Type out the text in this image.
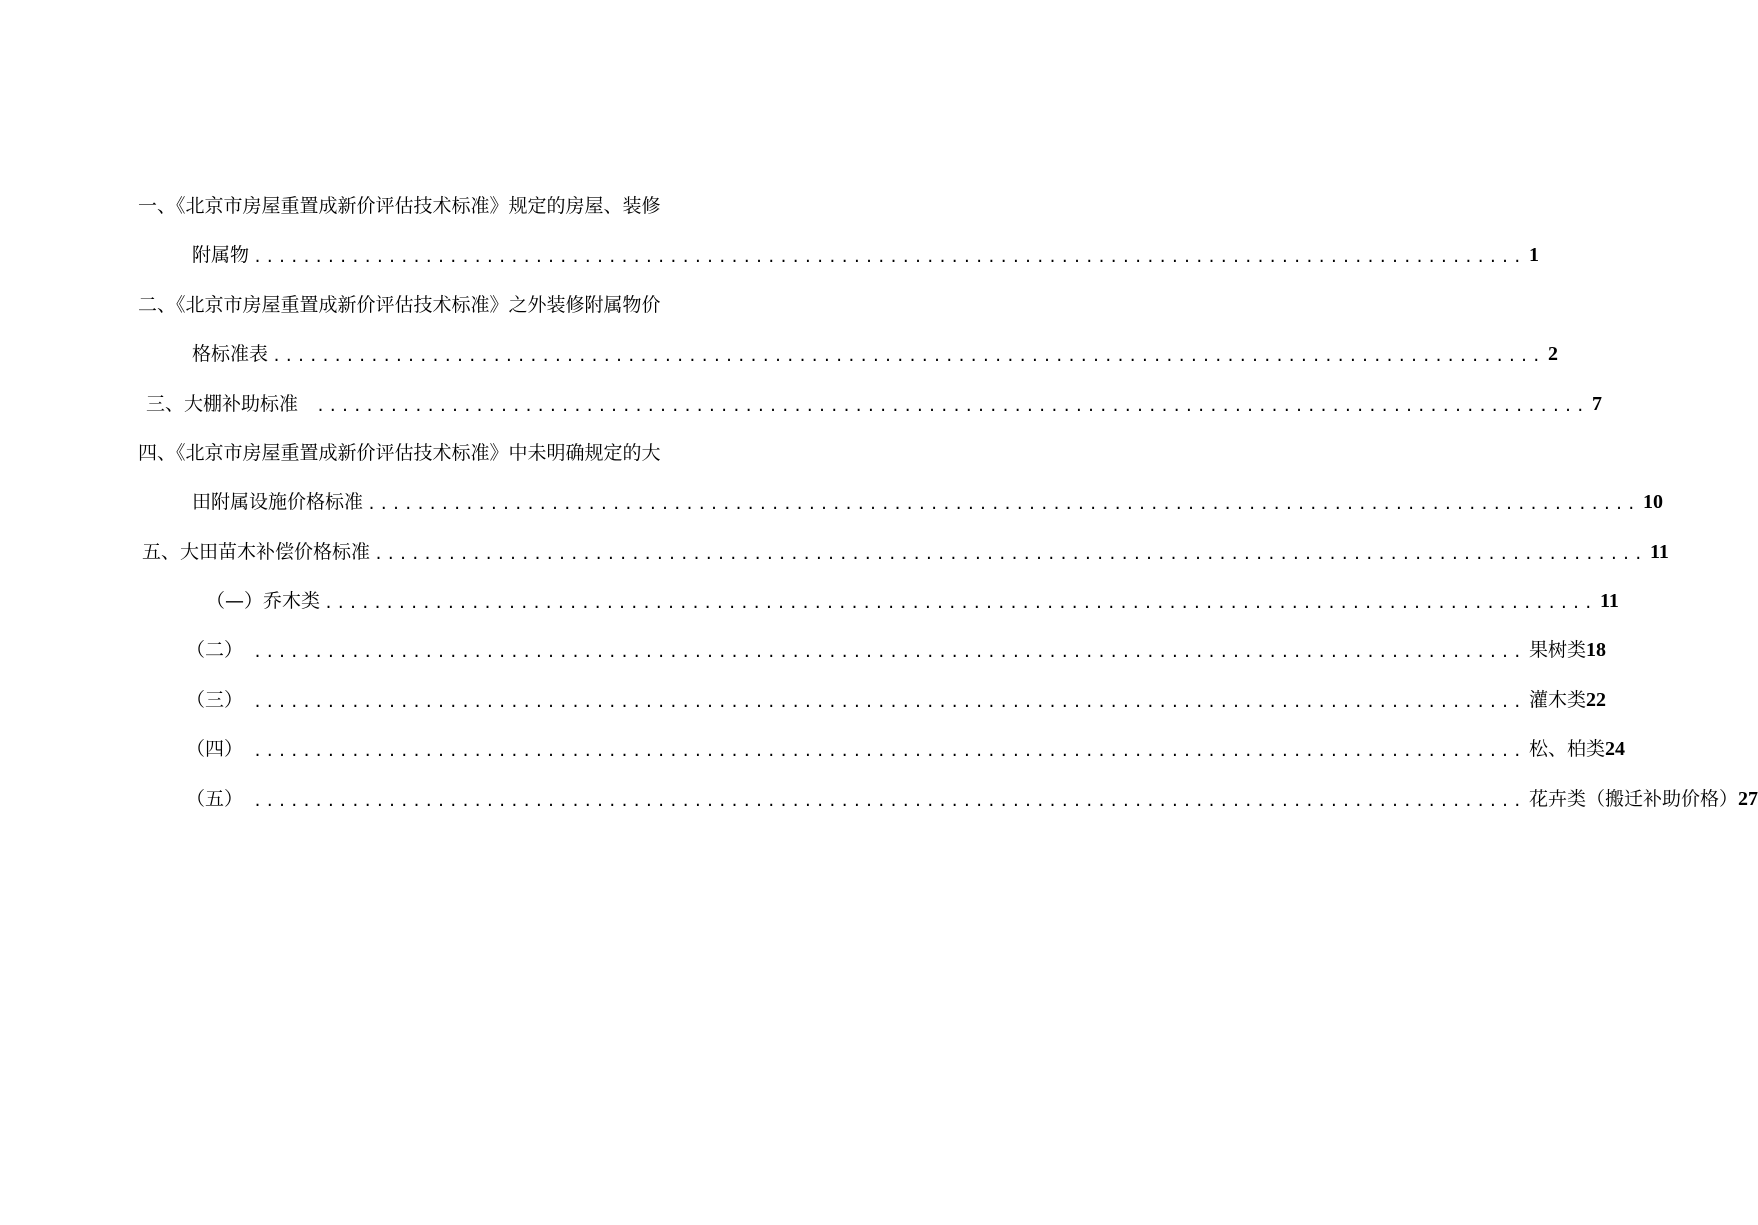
一、《北京市房屋重置成新价评估技术标准》规定的房屋、装修
附属物 ........................................................................................................ 1
二、《北京市房屋重置成新价评估技术标准》之外装修附属物价
格标准表 ........................................................................................................ 2
三、大棚补助标准 ........................................................................................................ 7
四、《北京市房屋重置成新价评估技术标准》中未明确规定的大
田附属设施价格标准 ........................................................................................................ 10
五、大田苗木补偿价格标准 ........................................................................................................ 11
（—）乔木类 ........................................................................................................ 11
（二） ........................................................................................................ 果树类 18
（三） ........................................................................................................ 灌木类 22
（四） ........................................................................................................ 松、柏类 24
（五） ........................................................................................................ 花卉类（搬迁补助价格） 27
